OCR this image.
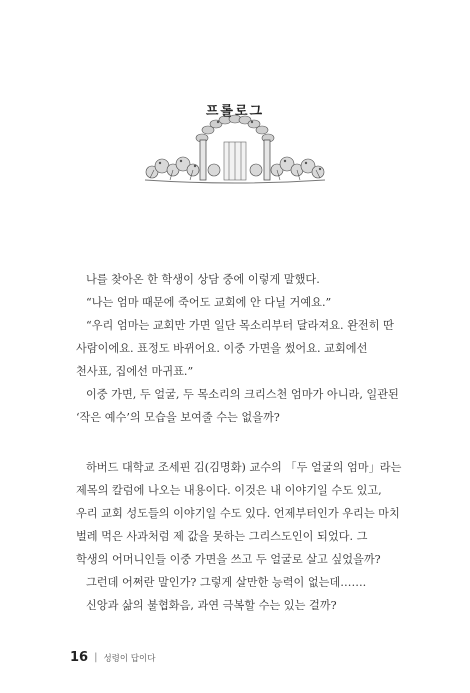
프롤로그

나를 찾아온 한 학생이 상담 중에 이렇게 말했다.

“나는 엄마 때문에 죽어도 교회에 안 다닐 거예요.”

“우리 엄마는 교회만 가면 일단 목소리부터 달라져요. 완전히 딴 사람이에요. 표정도 바뀌어요. 이중 가면을 썼어요. 교회에선 천사표, 집에선 마귀표.”

이중 가면, 두 얼굴, 두 목소리의 크리스천 엄마가 아니라, 일관된 ‘작은 예수’의 모습을 보여줄 수는 없을까?

하버드 대학교 조세핀 김(김명화) 교수의 「두 얼굴의 엄마」라는 제목의 칼럼에 나오는 내용이다. 이것은 내 이야기일 수도 있고, 우리 교회 성도들의 이야기일 수도 있다. 언제부터인가 우리는 마치 벌레 먹은 사과처럼 제 값을 못하는 그리스도인이 되었다. 그 학생의 어머니인들 이중 가면을 쓰고 두 얼굴로 살고 싶었을까?

그런데 어쩌란 말인가? 그렇게 살만한 능력이 없는데…….

신앙과 삶의 불협화음, 과연 극복할 수는 있는 걸까?

16 | 성령이 답이다
